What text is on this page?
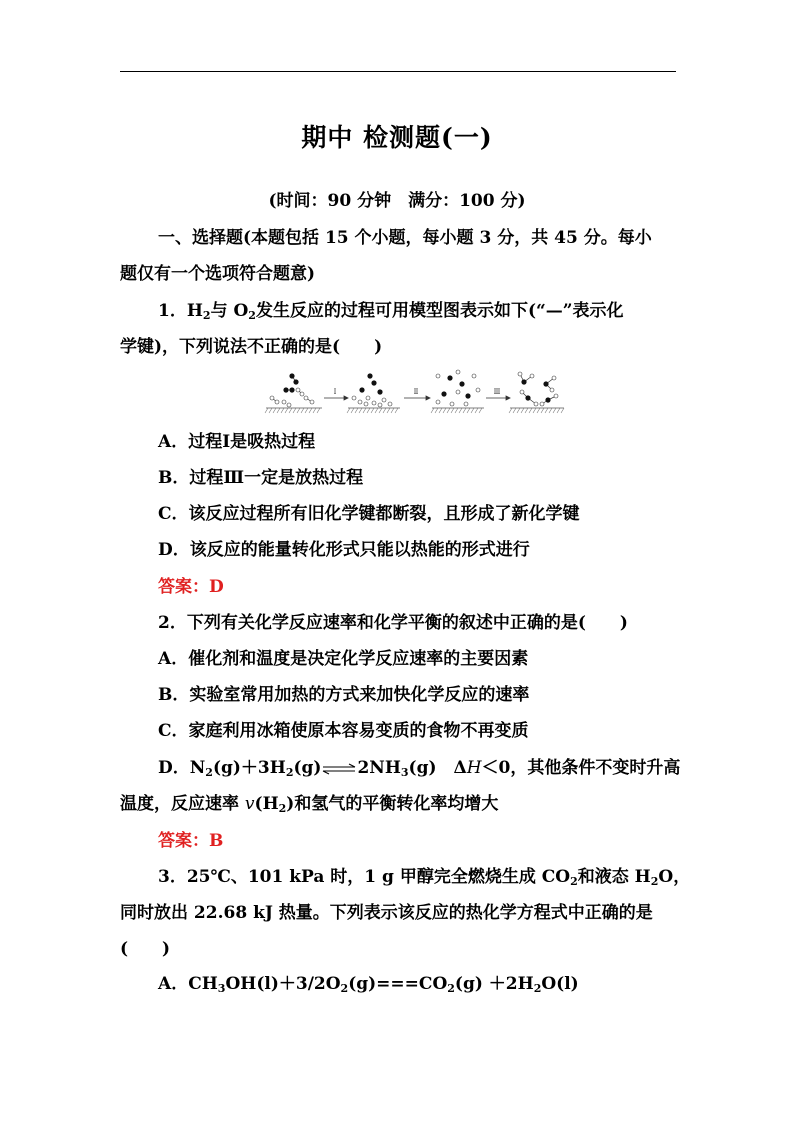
期中 检测题(一)
(时间：90 分钟　满分：100 分)
一、选择题(本题包括 15 个小题，每小题 3 分，共 45 分。每小
题仅有一个选项符合题意)
1．$H_2$与 $O_2$发生反应的过程可用模型图表示如下(“—”表示化
学键)，下列说法不正确的是(　　)
Ⅰ	Ⅱ	Ⅲ
A．过程Ⅰ是吸热过程
B．过程Ⅲ一定是放热过程
C．该反应过程所有旧化学键都断裂，且形成了新化学键
D．该反应的能量转化形式只能以热能的形式进行
答案：D
2．下列有关化学反应速率和化学平衡的叙述中正确的是(　　)
A．催化剂和温度是决定化学反应速率的主要因素
B．实验室常用加热的方式来加快化学反应的速率
C．家庭利用冰箱使原本容易变质的食物不再变质
D．$N_2(g)+3H_2(g)\rightleftharpoons 2NH_3(g)$　ΔH＜0，其他条件不变时升高
温度，反应速率 $v(H_2)$和氢气的平衡转化率均增大
答案：B
3．25℃、101 kPa 时，1 g 甲醇完全燃烧生成 $CO_2$和液态 $H_2O$，
同时放出 22.68 kJ 热量。下列表示该反应的热化学方程式中正确的是
(　　)
A．$CH_3OH(l)+3/2O_2(g)===CO_2(g) +2H_2O(l)$
